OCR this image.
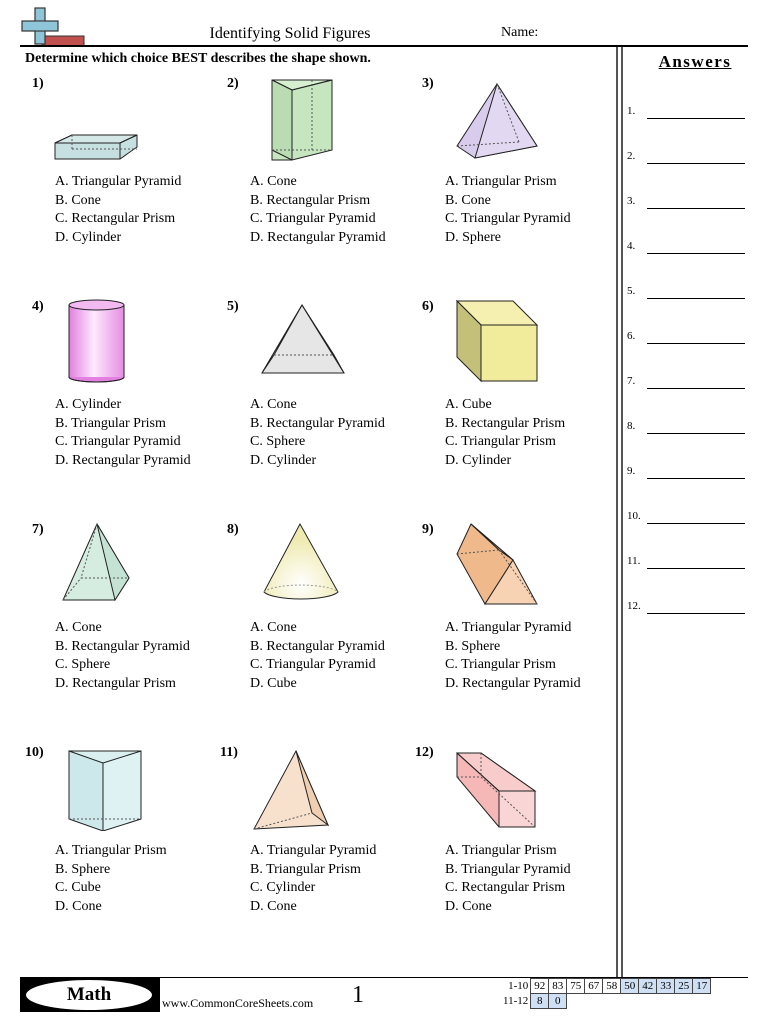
Identifying Solid Figures	Name:
Determine which choice BEST describes the shape shown.	Answers
1.
2.
3.
4.
5.
6.
7.
8.
9.
10.
11.
12.
1)
A. Triangular Pyramid
B. Cone
C. Rectangular Prism
D. Cylinder
2)
A. Cone
B. Rectangular Prism
C. Triangular Pyramid
D. Rectangular Pyramid
3)
A. Triangular Prism
B. Cone
C. Triangular Pyramid
D. Sphere
4)
A. Cylinder
B. Triangular Prism
C. Triangular Pyramid
D. Rectangular Pyramid
5)
A. Cone
B. Rectangular Pyramid
C. Sphere
D. Cylinder
6)
A. Cube
B. Rectangular Prism
C. Triangular Prism
D. Cylinder
7)
A. Cone
B. Rectangular Pyramid
C. Sphere
D. Rectangular Prism
8)
A. Cone
B. Rectangular Pyramid
C. Triangular Pyramid
D. Cube
9)
A. Triangular Pyramid
B. Sphere
C. Triangular Prism
D. Rectangular Pyramid
10)
A. Triangular Prism
B. Sphere
C. Cube
D. Cone
11)
A. Triangular Pyramid
B. Triangular Prism
C. Cylinder
D. Cone
12)
A. Triangular Prism
B. Triangular Pyramid
C. Rectangular Prism
D. Cone
Math	www.CommonCoreSheets.com 1	1-10	92	83	75	67	58	50	42	33	25	17
11-12	8	0								
